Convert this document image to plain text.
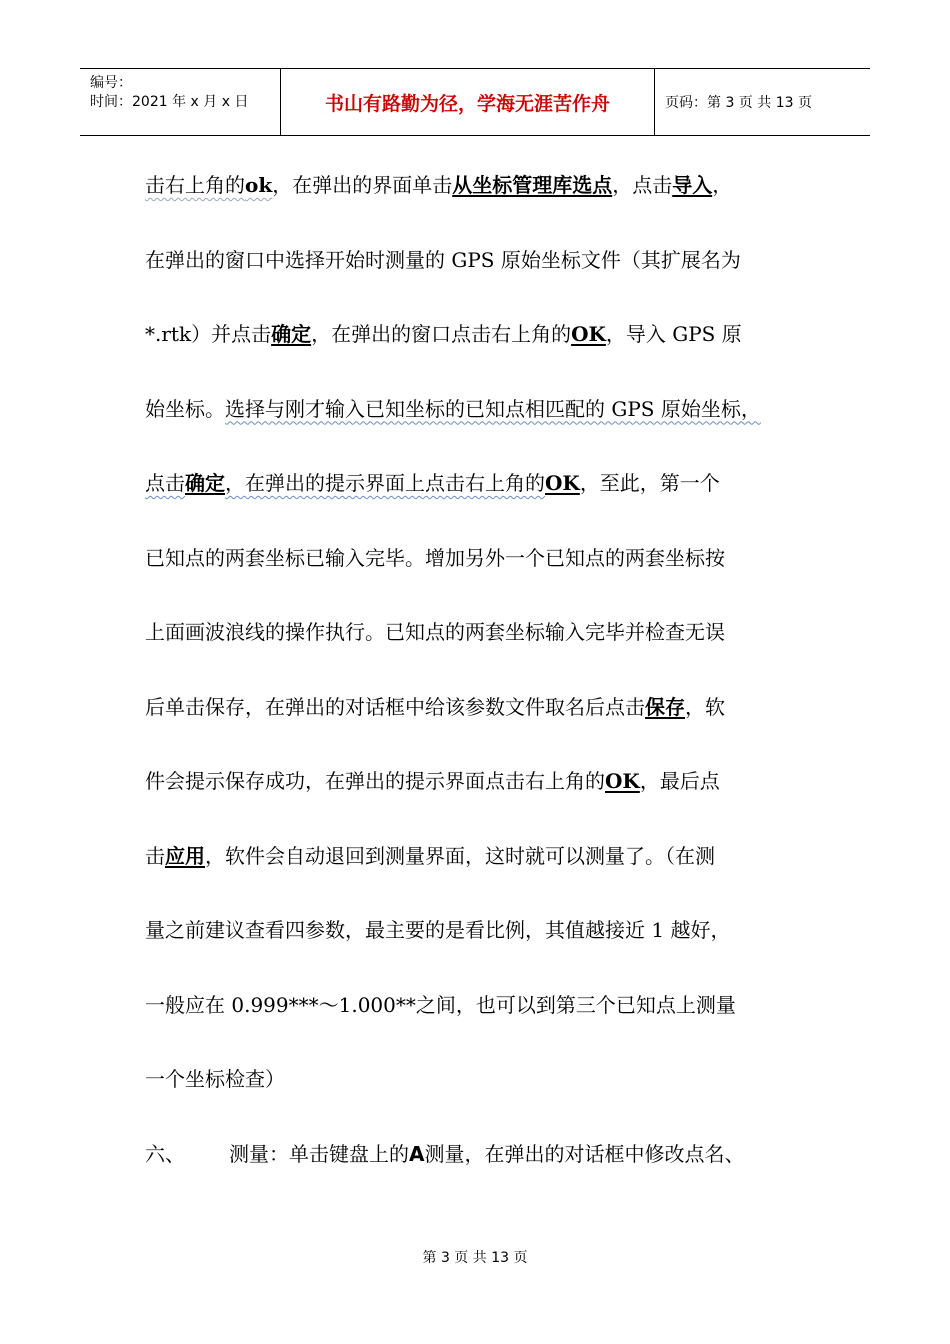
编号：
时间：2021 年 x 月 x 日	书山有路勤为径，学海无涯苦作舟	页码：第 3 页 共 13 页
击右上角的ok，在弹出的界面单击从坐标管理库选点，点击导入，
在弹出的窗口中选择开始时测量的 GPS 原始坐标文件（其扩展名为
*.rtk）并点击确定，在弹出的窗口点击右上角的OK，导入 GPS 原
始坐标。选择与刚才输入已知坐标的已知点相匹配的 GPS 原始坐标，
点击确定，在弹出的提示界面上点击右上角的OK，至此，第一个
已知点的两套坐标已输入完毕。增加另外一个已知点的两套坐标按
上面画波浪线的操作执行。已知点的两套坐标输入完毕并检查无误
后单击保存，在弹出的对话框中给该参数文件取名后点击保存，软
件会提示保存成功，在弹出的提示界面点击右上角的OK，最后点
击应用，软件会自动退回到测量界面，这时就可以测量了。（在测
量之前建议查看四参数，最主要的是看比例，其值越接近 1 越好，
一般应在 0.999***～1.000**之间，也可以到第三个已知点上测量
一个坐标检查）
六、 测量：单击键盘上的A测量，在弹出的对话框中修改点名、
第 3 页 共 13 页
